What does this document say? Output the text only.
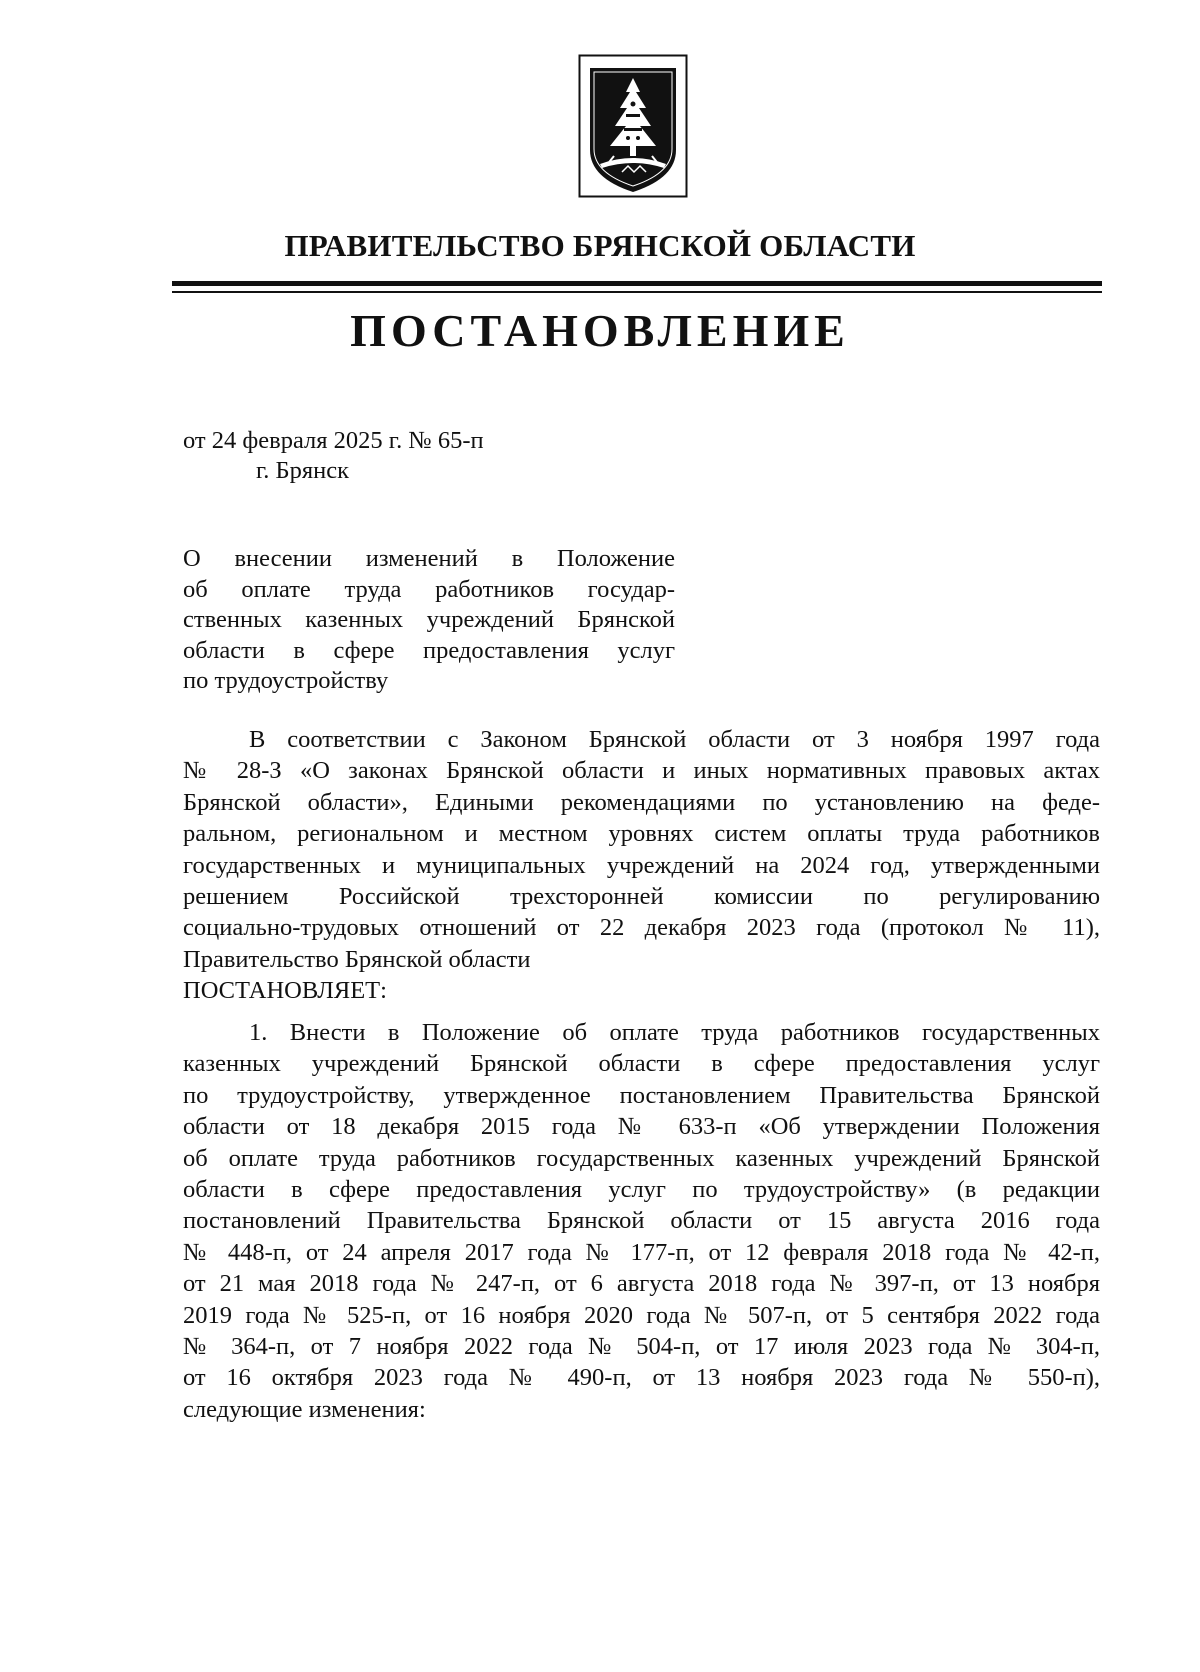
ПРАВИТЕЛЬСТВО БРЯНСКОЙ ОБЛАСТИ
ПОСТАНОВЛЕНИЕ
от 24 февраля 2025 г. № 65-п
г. Брянск
О внесении изменений в Положение
об оплате труда работников государ-
ственных казенных учреждений Брянской
области в сфере предоставления услуг
по трудоустройству
В соответствии с Законом Брянской области от 3 ноября 1997 года
№ 28-З «О законах Брянской области и иных нормативных правовых актах
Брянской области», Едиными рекомендациями по установлению на феде-
ральном, региональном и местном уровнях систем оплаты труда работников
государственных и муниципальных учреждений на 2024 год, утвержденными
решением Российской трехсторонней комиссии по регулированию
социально-трудовых отношений от 22 декабря 2023 года (протокол № 11),
Правительство Брянской области
ПОСТАНОВЛЯЕТ:
1. Внести в Положение об оплате труда работников государственных
казенных учреждений Брянской области в сфере предоставления услуг
по трудоустройству, утвержденное постановлением Правительства Брянской
области от 18 декабря 2015 года № 633-п «Об утверждении Положения
об оплате труда работников государственных казенных учреждений Брянской
области в сфере предоставления услуг по трудоустройству» (в редакции
постановлений Правительства Брянской области от 15 августа 2016 года
№ 448-п, от 24 апреля 2017 года № 177-п, от 12 февраля 2018 года № 42-п,
от 21 мая 2018 года № 247-п, от 6 августа 2018 года № 397-п, от 13 ноября
2019 года № 525-п, от 16 ноября 2020 года № 507-п, от 5 сентября 2022 года
№ 364-п, от 7 ноября 2022 года № 504-п, от 17 июля 2023 года № 304-п,
от 16 октября 2023 года № 490-п, от 13 ноября 2023 года № 550-п),
следующие изменения:
